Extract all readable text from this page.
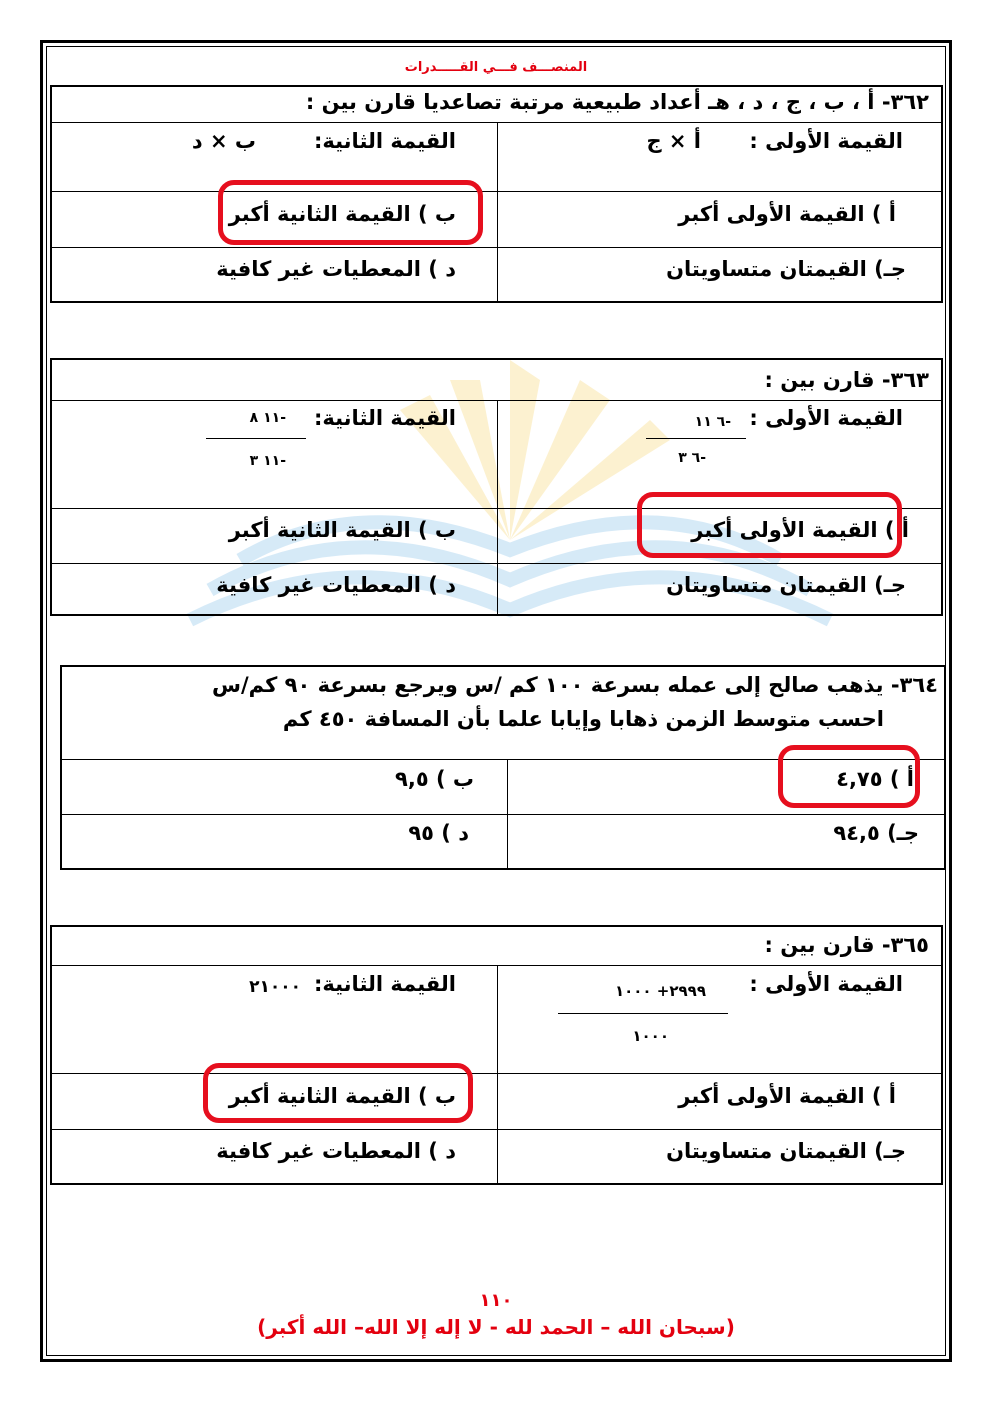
المنصـــف فـــي القـــــدرات
٣٦٢- أ ، ب ، ج ، د ، هـ أعداد طبيعية مرتبة تصاعديا قارن بين :
القيمة الأولى :
أ × ج
القيمة الثانية:
ب × د
أ ) القيمة الأولى أكبر
ب ) القيمة الثانية أكبر
جـ) القيمتان متساويتان
د ) المعطيات غير كافية
٣٦٣- قارن بين :
القيمة الأولى :
-٦ ١١
-٦ ٣
القيمة الثانية:
-١١ ٨
-١١ ٣
أ ) القيمة الأولى أكبر
ب ) القيمة الثانية أكبر
جـ) القيمتان متساويتان
د ) المعطيات غير كافية
٣٦٤- يذهب صالح إلى عمله بسرعة ١٠٠ كم /س ويرجع بسرعة ٩٠ كم/س
احسب متوسط الزمن ذهابا وإيابا علما بأن المسافة ٤٥٠ كم
أ ) ٤,٧٥
ب ) ٩,٥
جـ) ٩٤,٥
د ) ٩٥
٣٦٥- قارن بين :
القيمة الأولى :
٢٩٩٩+ ١٠٠٠
١٠٠٠
القيمة الثانية:
٢١٠٠٠
أ ) القيمة الأولى أكبر
ب ) القيمة الثانية أكبر
جـ) القيمتان متساويتان
د ) المعطيات غير كافية
١١٠
(سبحان الله – الحمد لله - لا إله إلا الله– الله أكبر)
